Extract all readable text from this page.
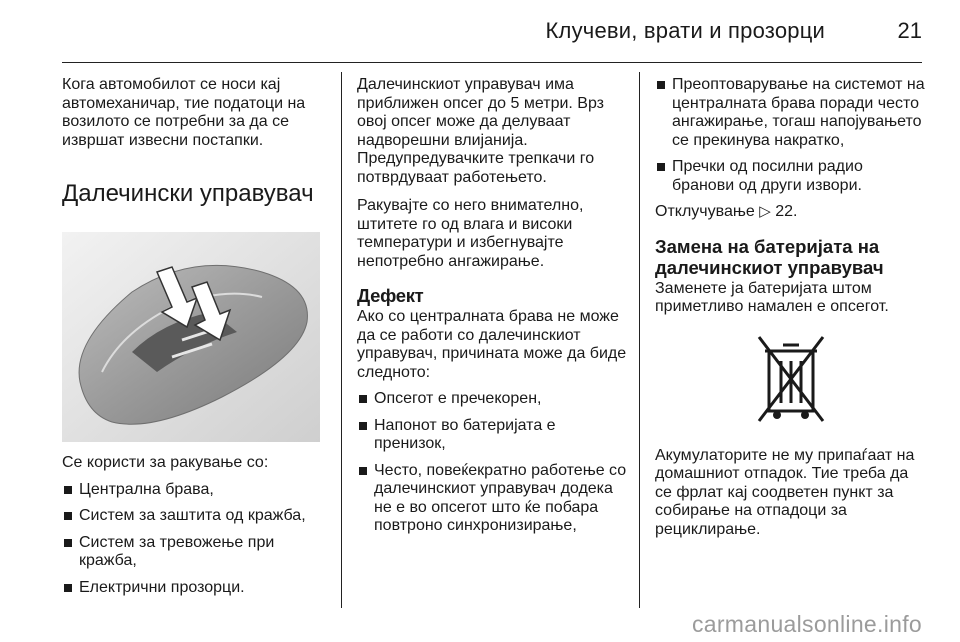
Клучеви, врати и прозорци	21

Кога автомобилот се носи кај автомеханичар, тие податоци на возилото се потребни за да се извршат извесни постапки.

Далечински управувач

Се користи за ракување со:

Централна брава,
Систем за заштита од кражба,
Систем за тревожење при кражба,
Електрични прозорци.

Далечинскиот управувач има приближен опсег до 5 метри. Врз овој опсег може да делуваат надворешни влијанија. Предупредувачките трепкачи го потврдуваат работењето.

Ракувајте со него внимателно, штитете го од влага и високи температури и избегнувајте непотребно ангажирање.

Дефект

Ако со централната брава не може да се работи со далечинскиот управувач, причината може да биде следното:

Опсегот е пречекорен,
Напонот во батеријата е пренизок,
Често, повеќекратно работење со далечинскиот управувач додека не е во опсегот што ќе побара повтроно синхронизирање,
Преоптоварување на системот на централната брава поради често ангажирање, тогаш напојувањето се прекинува накратко,
Пречки од посилни радио бранови од други извори.

Отклучување ▷ 22.

Замена на батеријата на далечинскиот управувач

Заменете ја батеријата штом приметливо намален е опсегот.

Акумулаторите не му припаѓаат на домашниот отпадок. Тие треба да се фрлат кај соодветен пункт за собирање на отпадоци за рециклирање.

carmanualsonline.info
